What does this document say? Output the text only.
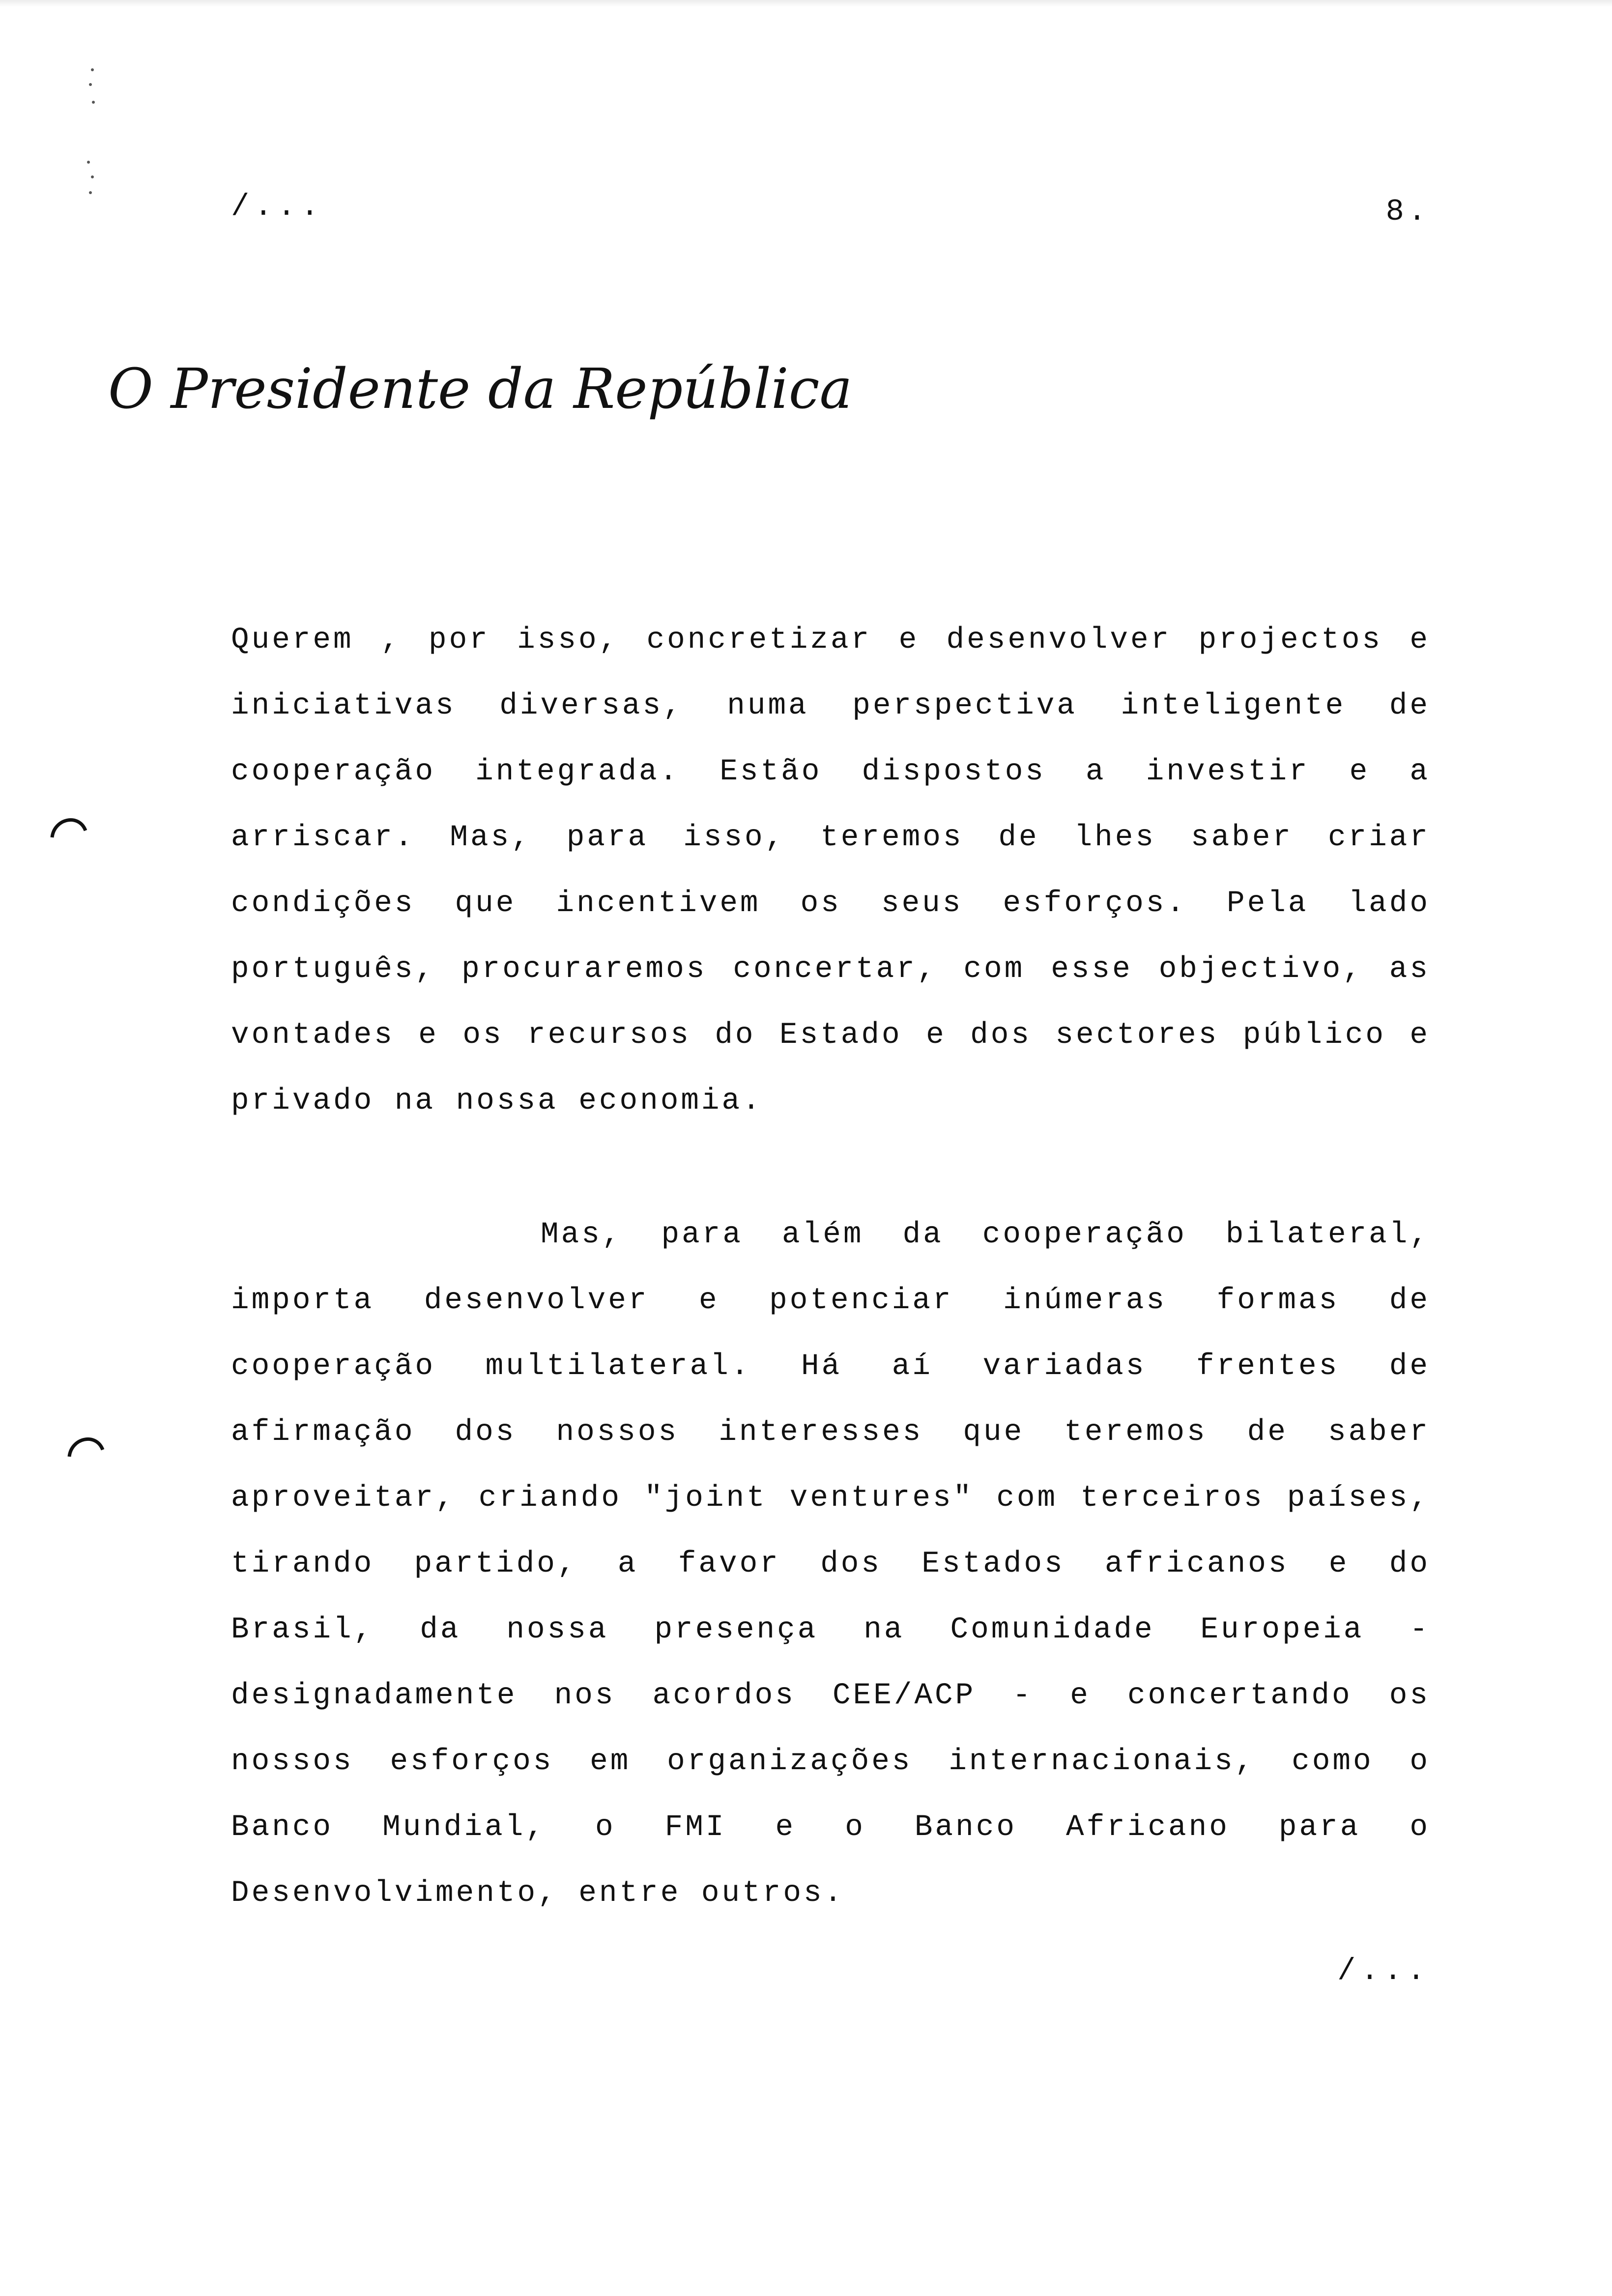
/...	8.
O Presidente da República

Querem , por isso, concretizar e desenvolver projectos e iniciativas diversas, numa perspectiva inteligente de cooperação integrada. Estão dispostos a investir e a arriscar. Mas, para isso, teremos de lhes saber criar condições que incentivem os seus esforços. Pela lado português, procuraremos concertar, com esse objectivo, as vontades e os recursos do Estado e dos sectores público e privado na nossa economia.

Mas, para além da cooperação bilateral, importa desenvolver e potenciar inúmeras formas de cooperação multilateral. Há aí variadas frentes de afirmação dos nossos interesses que teremos de saber aproveitar, criando "joint ventures" com terceiros países, tirando partido, a favor dos Estados africanos e do Brasil, da nossa presença na Comunidade Europeia - designadamente nos acordos CEE/ACP - e concertando os nossos esforços em organizações internacionais, como o Banco Mundial, o FMI e o Banco Africano para o Desenvolvimento, entre outros.

/...
